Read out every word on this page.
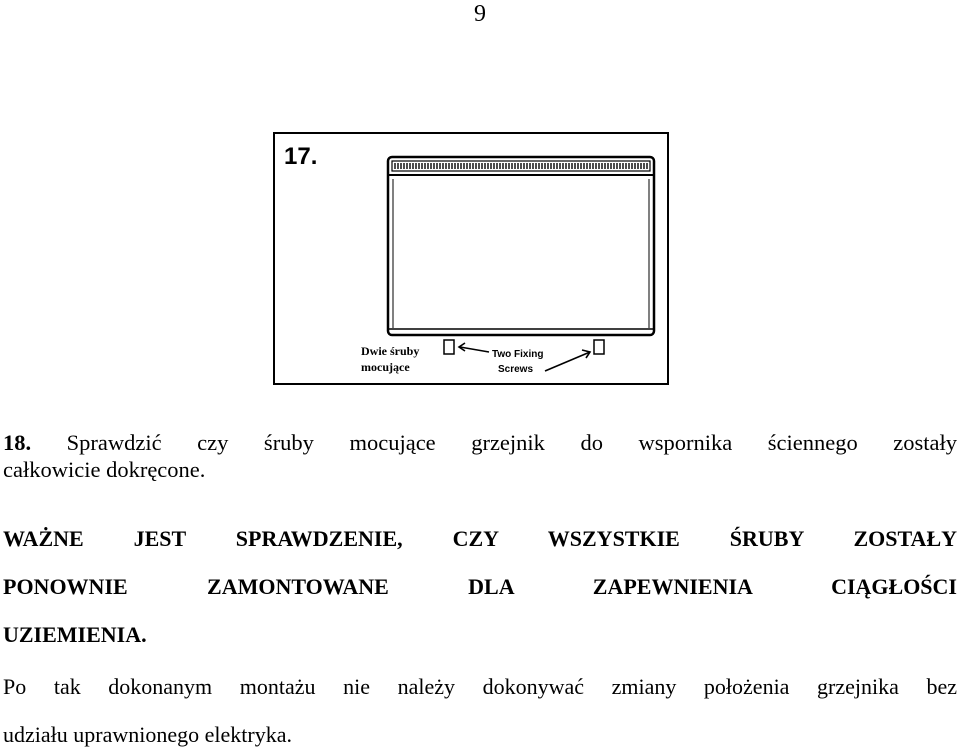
9
17.
Dwie śruby
mocujące
Two Fixing
Screws

18. Sprawdzić czy śruby mocujące grzejnik do wspornika ściennego zostały
całkowicie dokręcone.

WAŻNE JEST SPRAWDZENIE, CZY WSZYSTKIE ŚRUBY ZOSTAŁY
PONOWNIE ZAMONTOWANE DLA ZAPEWNIENIA CIĄGŁOŚCI
UZIEMIENIA.

Po tak dokonanym montażu nie należy dokonywać zmiany położenia grzejnika bez
udziału uprawnionego elektryka.
